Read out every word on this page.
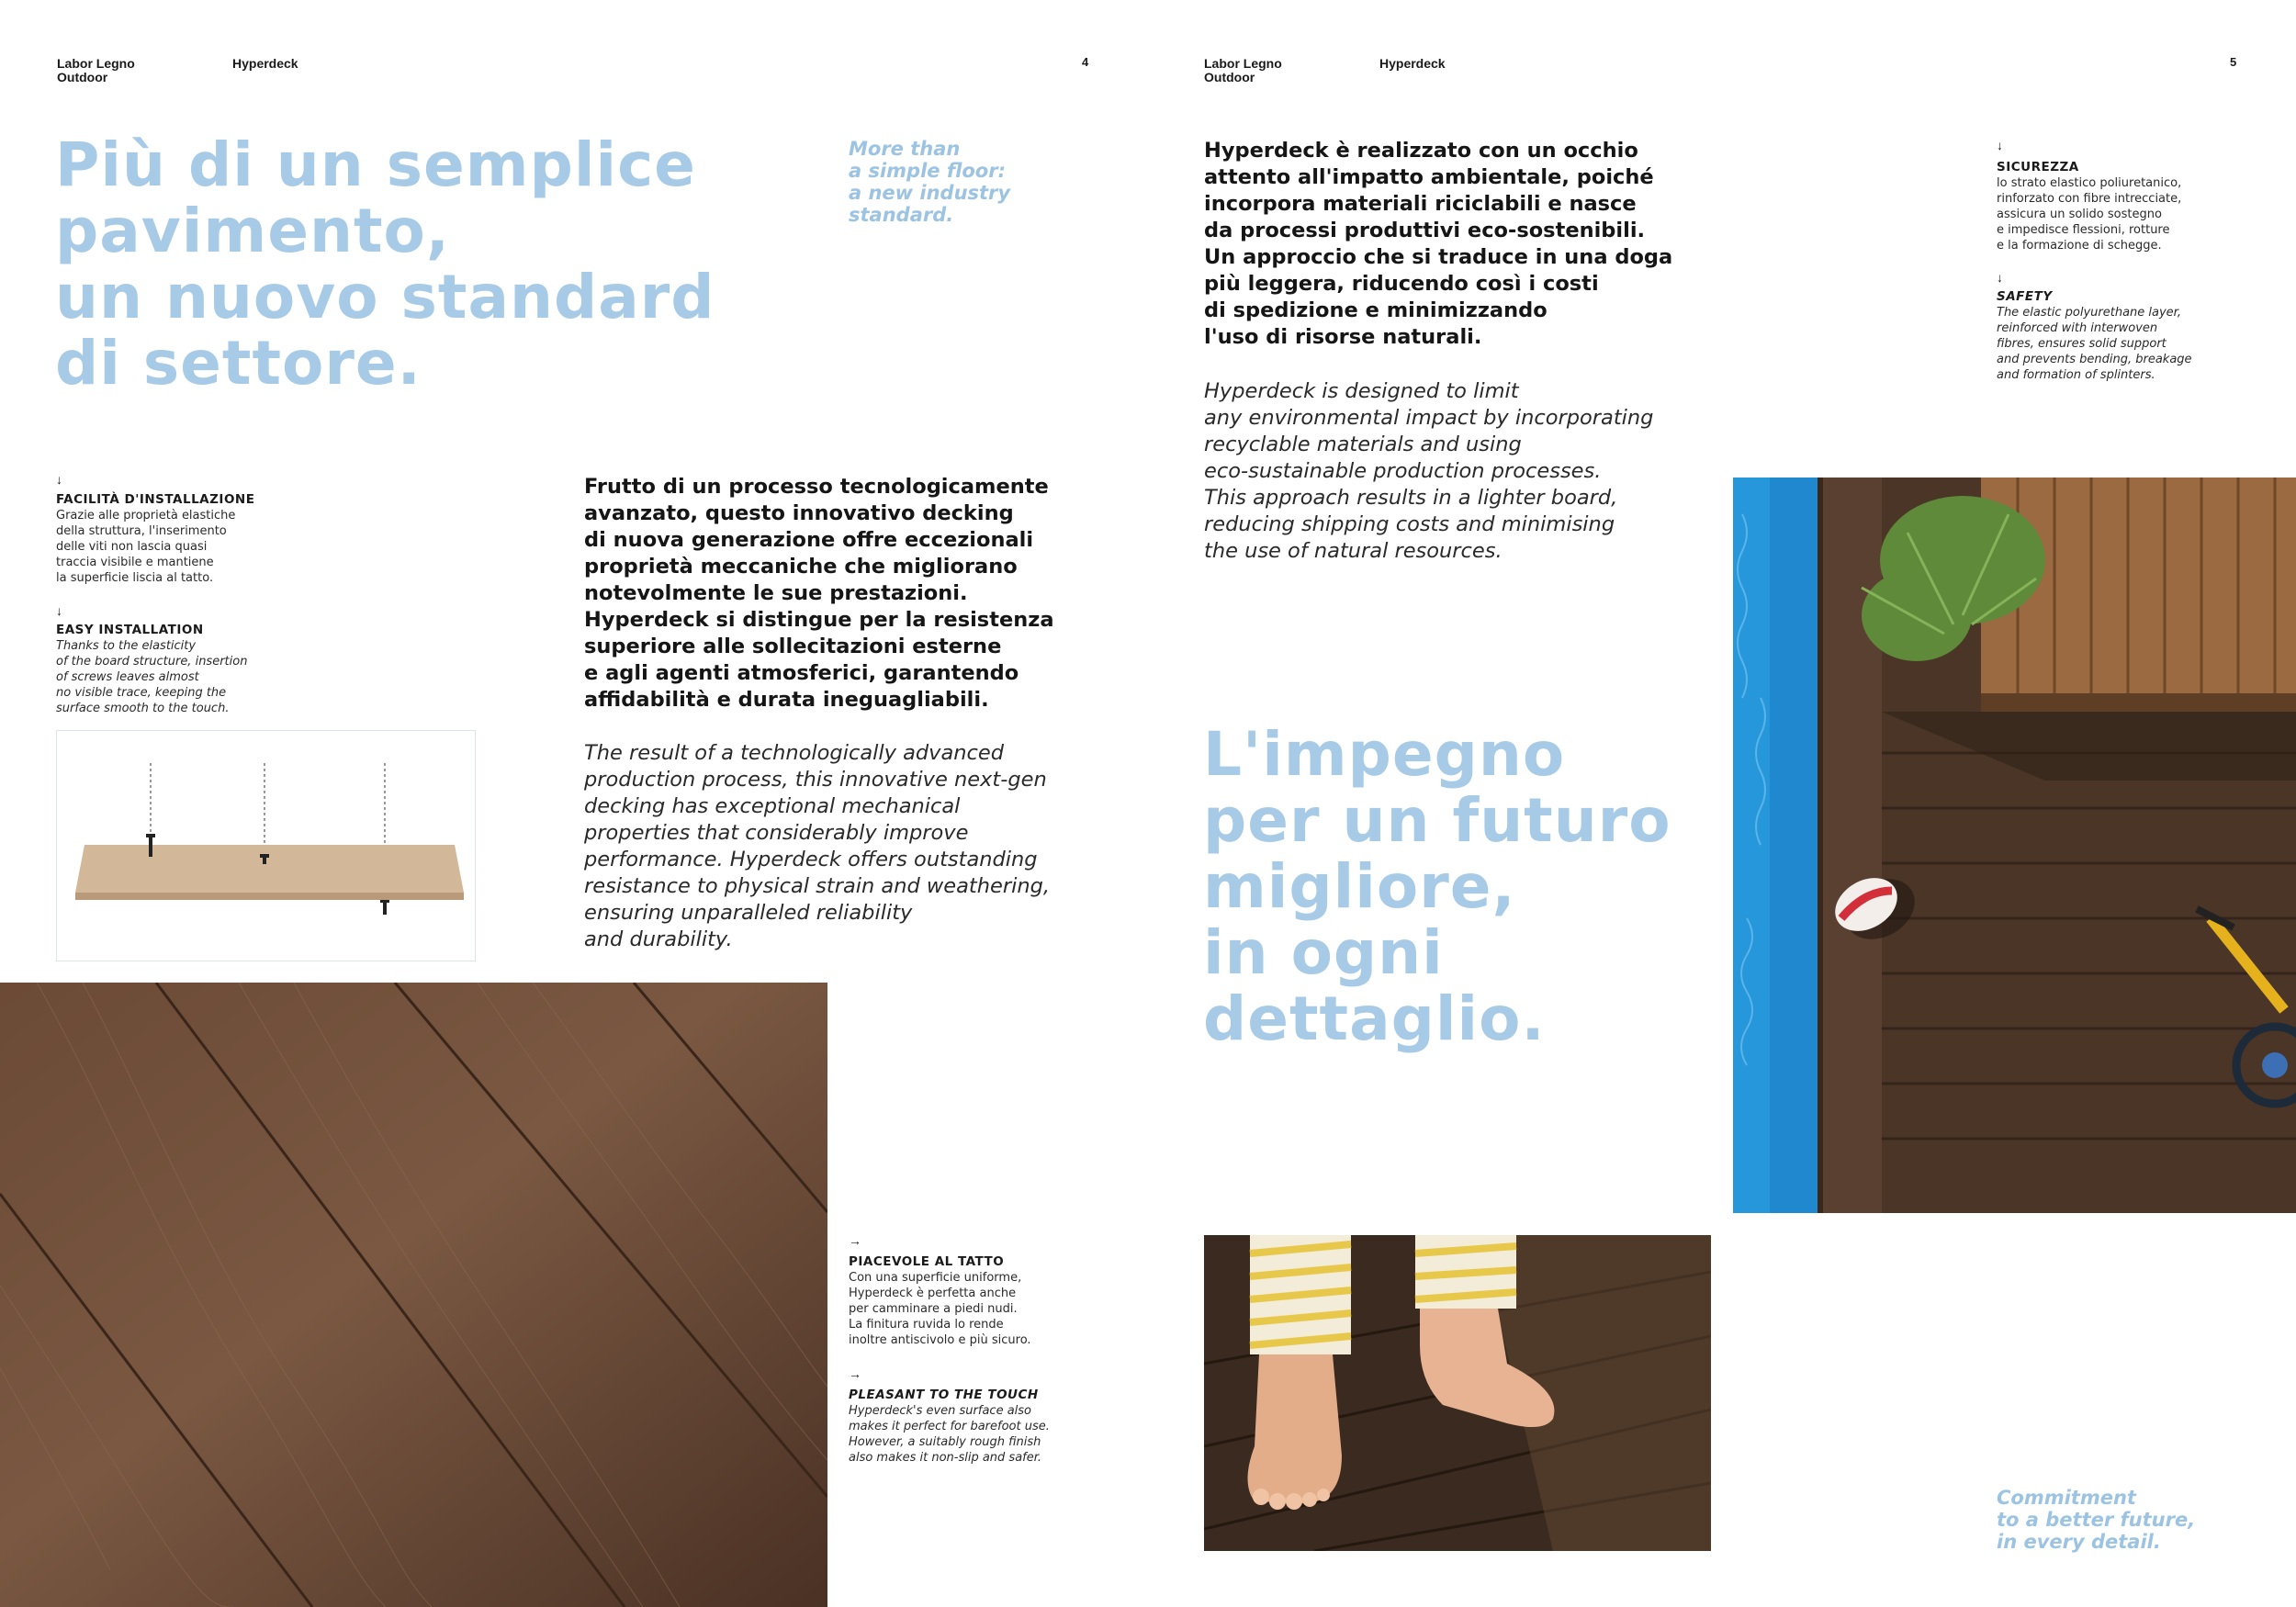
Labor Legno
Outdoor
Hyperdeck	4
Più di un semplice
pavimento,
un nuovo standard
di settore.
More than
a simple floor:
a new industry
standard.
↓
FACILITÀ D'INSTALLAZIONE
Grazie alle proprietà elastiche
della struttura, l'inserimento
delle viti non lascia quasi
traccia visibile e mantiene
la superficie liscia al tatto.
↓
EASY INSTALLATION
Thanks to the elasticity
of the board structure, insertion
of screws leaves almost
no visible trace, keeping the
surface smooth to the touch.
Frutto di un processo tecnologicamente
avanzato, questo innovativo decking
di nuova generazione offre eccezionali
proprietà meccaniche che migliorano
notevolmente le sue prestazioni.
Hyperdeck si distingue per la resistenza
superiore alle sollecitazioni esterne
e agli agenti atmosferici, garantendo
affidabilità e durata ineguagliabili.
The result of a technologically advanced
production process, this innovative next-gen
decking has exceptional mechanical
properties that considerably improve
performance. Hyperdeck offers outstanding
resistance to physical strain and weathering,
ensuring unparalleled reliability
and durability.
→
PIACEVOLE AL TATTO
Con una superficie uniforme,
Hyperdeck è perfetta anche
per camminare a piedi nudi.
La finitura ruvida lo rende
inoltre antiscivolo e più sicuro.
→
PLEASANT TO THE TOUCH
Hyperdeck's even surface also
makes it perfect for barefoot use.
However, a suitably rough finish
also makes it non-slip and safer.
Labor Legno
Outdoor
Hyperdeck	5
Hyperdeck è realizzato con un occhio
attento all'impatto ambientale, poiché
incorpora materiali riciclabili e nasce
da processi produttivi eco-sostenibili.
Un approccio che si traduce in una doga
più leggera, riducendo così i costi
di spedizione e minimizzando
l'uso di risorse naturali.
Hyperdeck is designed to limit
any environmental impact by incorporating
recyclable materials and using
eco-sustainable production processes.
This approach results in a lighter board,
reducing shipping costs and minimising
the use of natural resources.
L'impegno
per un futuro
migliore,
in ogni
dettaglio.
↓
SICUREZZA
lo strato elastico poliuretanico,
rinforzato con fibre intrecciate,
assicura un solido sostegno
e impedisce flessioni, rotture
e la formazione di schegge.
↓
SAFETY
The elastic polyurethane layer,
reinforced with interwoven
fibres, ensures solid support
and prevents bending, breakage
and formation of splinters.
Commitment
to a better future,
in every detail.
